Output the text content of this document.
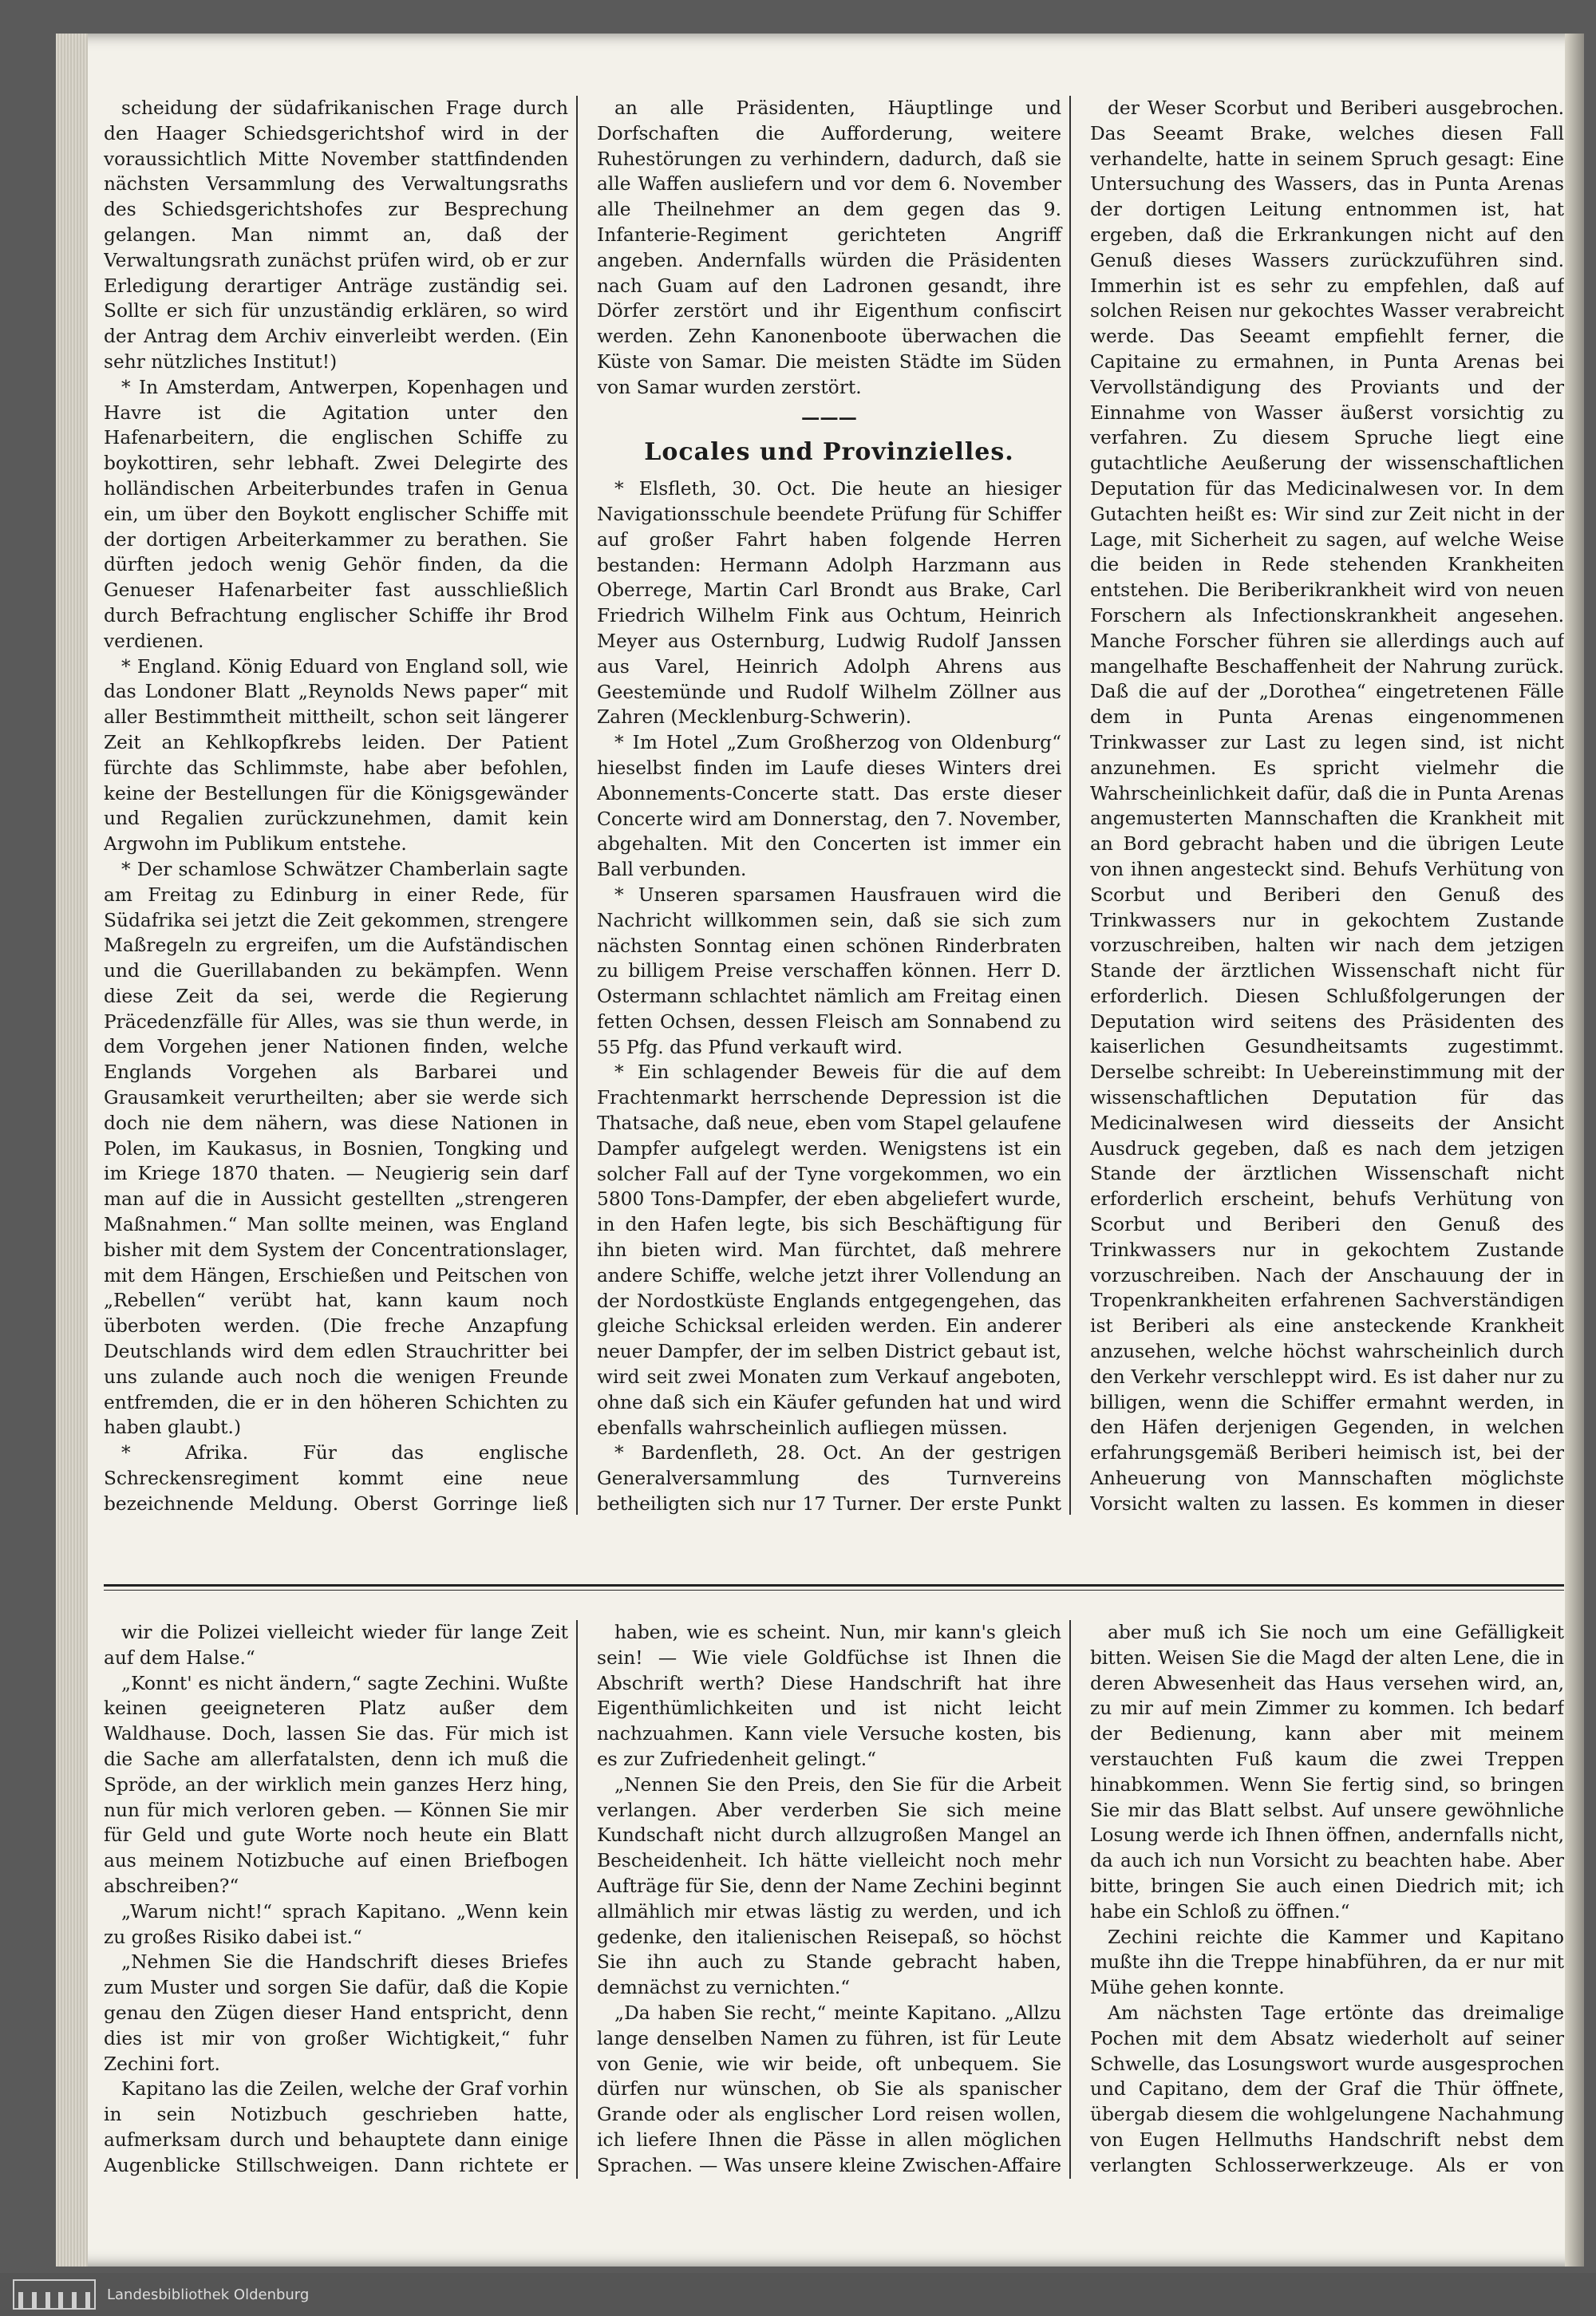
scheidung der südafrikanischen Frage durch den Haager Schiedsgerichtshof wird in der voraussichtlich Mitte November stattfindenden nächsten Versammlung des Verwaltungsraths des Schiedsgerichtshofes zur Besprechung gelangen. Man nimmt an, daß der Verwaltungsrath zunächst prüfen wird, ob er zur Erledigung derartiger Anträge zuständig sei. Sollte er sich für unzuständig erklären, so wird der Antrag dem Archiv einverleibt werden. (Ein sehr nützliches Institut!)

* In Amsterdam, Antwerpen, Kopenhagen und Havre ist die Agitation unter den Hafenarbeitern, die englischen Schiffe zu boykottiren, sehr lebhaft. Zwei Delegirte des holländischen Arbeiterbundes trafen in Genua ein, um über den Boykott englischer Schiffe mit der dortigen Arbeiterkammer zu berathen. Sie dürften jedoch wenig Gehör finden, da die Genueser Hafenarbeiter fast ausschließlich durch Befrachtung englischer Schiffe ihr Brod verdienen.

* England. König Eduard von England soll, wie das Londoner Blatt „Reynolds News paper“ mit aller Bestimmtheit mittheilt, schon seit längerer Zeit an Kehlkopfkrebs leiden. Der Patient fürchte das Schlimmste, habe aber befohlen, keine der Bestellungen für die Königsgewänder und Regalien zurückzunehmen, damit kein Argwohn im Publikum entstehe.

* Der schamlose Schwätzer Chamberlain sagte am Freitag zu Edinburg in einer Rede, für Südafrika sei jetzt die Zeit gekommen, strengere Maßregeln zu ergreifen, um die Aufständischen und die Guerillabanden zu bekämpfen. Wenn diese Zeit da sei, werde die Regierung Präcedenzfälle für Alles, was sie thun werde, in dem Vorgehen jener Nationen finden, welche Englands Vorgehen als Barbarei und Grausamkeit verurtheilten; aber sie werde sich doch nie dem nähern, was diese Nationen in Polen, im Kaukasus, in Bosnien, Tongking und im Kriege 1870 thaten. — Neugierig sein darf man auf die in Aussicht gestellten „strengeren Maßnahmen.“ Man sollte meinen, was England bisher mit dem System der Concentrationslager, mit dem Hängen, Erschießen und Peitschen von „Rebellen“ verübt hat, kann kaum noch überboten werden. (Die freche Anzapfung Deutschlands wird dem edlen Strauchritter bei uns zulande auch noch die wenigen Freunde entfremden, die er in den höheren Schichten zu haben glaubt.)

* Afrika. Für das englische Schreckensregiment kommt eine neue bezeichnende Meldung. Oberst Gorringe ließ

an alle Präsidenten, Häuptlinge und Dorfschaften die Aufforderung, weitere Ruhestörungen zu verhindern, dadurch, daß sie alle Waffen ausliefern und vor dem 6. November alle Theilnehmer an dem gegen das 9. Infanterie-Regiment gerichteten Angriff angeben. Andernfalls würden die Präsidenten nach Guam auf den Ladronen gesandt, ihre Dörfer zerstört und ihr Eigenthum confiscirt werden. Zehn Kanonenboote überwachen die Küste von Samar. Die meisten Städte im Süden von Samar wurden zerstört.

———
Locales und Provinzielles.

* Elsfleth, 30. Oct. Die heute an hiesiger Navigationsschule beendete Prüfung für Schiffer auf großer Fahrt haben folgende Herren bestanden: Hermann Adolph Harzmann aus Oberrege, Martin Carl Brondt aus Brake, Carl Friedrich Wilhelm Fink aus Ochtum, Heinrich Meyer aus Osternburg, Ludwig Rudolf Janssen aus Varel, Heinrich Adolph Ahrens aus Geestemünde und Rudolf Wilhelm Zöllner aus Zahren (Mecklenburg-Schwerin).

* Im Hotel „Zum Großherzog von Oldenburg“ hieselbst finden im Laufe dieses Winters drei Abonnements-Concerte statt. Das erste dieser Concerte wird am Donnerstag, den 7. November, abgehalten. Mit den Concerten ist immer ein Ball verbunden.

* Unseren sparsamen Hausfrauen wird die Nachricht willkommen sein, daß sie sich zum nächsten Sonntag einen schönen Rinderbraten zu billigem Preise verschaffen können. Herr D. Ostermann schlachtet nämlich am Freitag einen fetten Ochsen, dessen Fleisch am Sonnabend zu 55 Pfg. das Pfund verkauft wird.

* Ein schlagender Beweis für die auf dem Frachtenmarkt herrschende Depression ist die Thatsache, daß neue, eben vom Stapel gelaufene Dampfer aufgelegt werden. Wenigstens ist ein solcher Fall auf der Tyne vorgekommen, wo ein 5800 Tons-Dampfer, der eben abgeliefert wurde, in den Hafen legte, bis sich Beschäftigung für ihn bieten wird. Man fürchtet, daß mehrere andere Schiffe, welche jetzt ihrer Vollendung an der Nordostküste Englands entgegengehen, das gleiche Schicksal erleiden werden. Ein anderer neuer Dampfer, der im selben District gebaut ist, wird seit zwei Monaten zum Verkauf angeboten, ohne daß sich ein Käufer gefunden hat und wird ebenfalls wahrscheinlich aufliegen müssen.

* Bardenfleth, 28. Oct. An der gestrigen Generalversammlung des Turnvereins betheiligten sich nur 17 Turner. Der erste Punkt

der Weser Scorbut und Beriberi ausgebrochen. Das Seeamt Brake, welches diesen Fall verhandelte, hatte in seinem Spruch gesagt: Eine Untersuchung des Wassers, das in Punta Arenas der dortigen Leitung entnommen ist, hat ergeben, daß die Erkrankungen nicht auf den Genuß dieses Wassers zurückzuführen sind. Immerhin ist es sehr zu empfehlen, daß auf solchen Reisen nur gekochtes Wasser verabreicht werde. Das Seeamt empfiehlt ferner, die Capitaine zu ermahnen, in Punta Arenas bei Vervollständigung des Proviants und der Einnahme von Wasser äußerst vorsichtig zu verfahren. Zu diesem Spruche liegt eine gutachtliche Aeußerung der wissenschaftlichen Deputation für das Medicinalwesen vor. In dem Gutachten heißt es: Wir sind zur Zeit nicht in der Lage, mit Sicherheit zu sagen, auf welche Weise die beiden in Rede stehenden Krankheiten entstehen. Die Beriberikrankheit wird von neuen Forschern als Infectionskrankheit angesehen. Manche Forscher führen sie allerdings auch auf mangelhafte Beschaffenheit der Nahrung zurück. Daß die auf der „Dorothea“ eingetretenen Fälle dem in Punta Arenas eingenommenen Trinkwasser zur Last zu legen sind, ist nicht anzunehmen. Es spricht vielmehr die Wahrscheinlichkeit dafür, daß die in Punta Arenas angemusterten Mannschaften die Krankheit mit an Bord gebracht haben und die übrigen Leute von ihnen angesteckt sind. Behufs Verhütung von Scorbut und Beriberi den Genuß des Trinkwassers nur in gekochtem Zustande vorzuschreiben, halten wir nach dem jetzigen Stande der ärztlichen Wissenschaft nicht für erforderlich. Diesen Schlußfolgerungen der Deputation wird seitens des Präsidenten des kaiserlichen Gesundheitsamts zugestimmt. Derselbe schreibt: In Uebereinstimmung mit der wissenschaftlichen Deputation für das Medicinalwesen wird diesseits der Ansicht Ausdruck gegeben, daß es nach dem jetzigen Stande der ärztlichen Wissenschaft nicht erforderlich erscheint, behufs Verhütung von Scorbut und Beriberi den Genuß des Trinkwassers nur in gekochtem Zustande vorzuschreiben. Nach der Anschauung der in Tropenkrankheiten erfahrenen Sachverständigen ist Beriberi als eine ansteckende Krankheit anzusehen, welche höchst wahrscheinlich durch den Verkehr verschleppt wird. Es ist daher nur zu billigen, wenn die Schiffer ermahnt werden, in den Häfen derjenigen Gegenden, in welchen erfahrungsgemäß Beriberi heimisch ist, bei der Anheuerung von Mannschaften möglichste Vorsicht walten zu lassen. Es kommen in dieser

wir die Polizei vielleicht wieder für lange Zeit auf dem Halse.“

„Konnt' es nicht ändern,“ sagte Zechini. Wußte keinen geeigneteren Platz außer dem Waldhause. Doch, lassen Sie das. Für mich ist die Sache am allerfatalsten, denn ich muß die Spröde, an der wirklich mein ganzes Herz hing, nun für mich verloren geben. — Können Sie mir für Geld und gute Worte noch heute ein Blatt aus meinem Notizbuche auf einen Briefbogen abschreiben?“

„Warum nicht!“ sprach Kapitano. „Wenn kein zu großes Risiko dabei ist.“

„Nehmen Sie die Handschrift dieses Briefes zum Muster und sorgen Sie dafür, daß die Kopie genau den Zügen dieser Hand entspricht, denn dies ist mir von großer Wichtigkeit,“ fuhr Zechini fort.

Kapitano las die Zeilen, welche der Graf vorhin in sein Notizbuch geschrieben hatte, aufmerksam durch und behauptete dann einige Augenblicke Stillschweigen. Dann richtete er

haben, wie es scheint. Nun, mir kann's gleich sein! — Wie viele Goldfüchse ist Ihnen die Abschrift werth? Diese Handschrift hat ihre Eigenthümlichkeiten und ist nicht leicht nachzuahmen. Kann viele Versuche kosten, bis es zur Zufriedenheit gelingt.“

„Nennen Sie den Preis, den Sie für die Arbeit verlangen. Aber verderben Sie sich meine Kundschaft nicht durch allzugroßen Mangel an Bescheidenheit. Ich hätte vielleicht noch mehr Aufträge für Sie, denn der Name Zechini beginnt allmählich mir etwas lästig zu werden, und ich gedenke, den italienischen Reisepaß, so höchst Sie ihn auch zu Stande gebracht haben, demnächst zu vernichten.“

„Da haben Sie recht,“ meinte Kapitano. „Allzu lange denselben Namen zu führen, ist für Leute von Genie, wie wir beide, oft unbequem. Sie dürfen nur wünschen, ob Sie als spanischer Grande oder als englischer Lord reisen wollen, ich liefere Ihnen die Pässe in allen möglichen Sprachen. — Was unsere kleine Zwischen-Affaire

aber muß ich Sie noch um eine Gefälligkeit bitten. Weisen Sie die Magd der alten Lene, die in deren Abwesenheit das Haus versehen wird, an, zu mir auf mein Zimmer zu kommen. Ich bedarf der Bedienung, kann aber mit meinem verstauchten Fuß kaum die zwei Treppen hinabkommen. Wenn Sie fertig sind, so bringen Sie mir das Blatt selbst. Auf unsere gewöhnliche Losung werde ich Ihnen öffnen, andernfalls nicht, da auch ich nun Vorsicht zu beachten habe. Aber bitte, bringen Sie auch einen Diedrich mit; ich habe ein Schloß zu öffnen.“

Zechini reichte die Kammer und Kapitano mußte ihn die Treppe hinabführen, da er nur mit Mühe gehen konnte.

Am nächsten Tage ertönte das dreimalige Pochen mit dem Absatz wiederholt auf seiner Schwelle, das Losungswort wurde ausgesprochen und Capitano, dem der Graf die Thür öffnete, übergab diesem die wohlgelungene Nachahmung von Eugen Hellmuths Handschrift nebst dem verlangten Schlosserwerkzeuge. Als er von

Landesbibliothek Oldenburg
